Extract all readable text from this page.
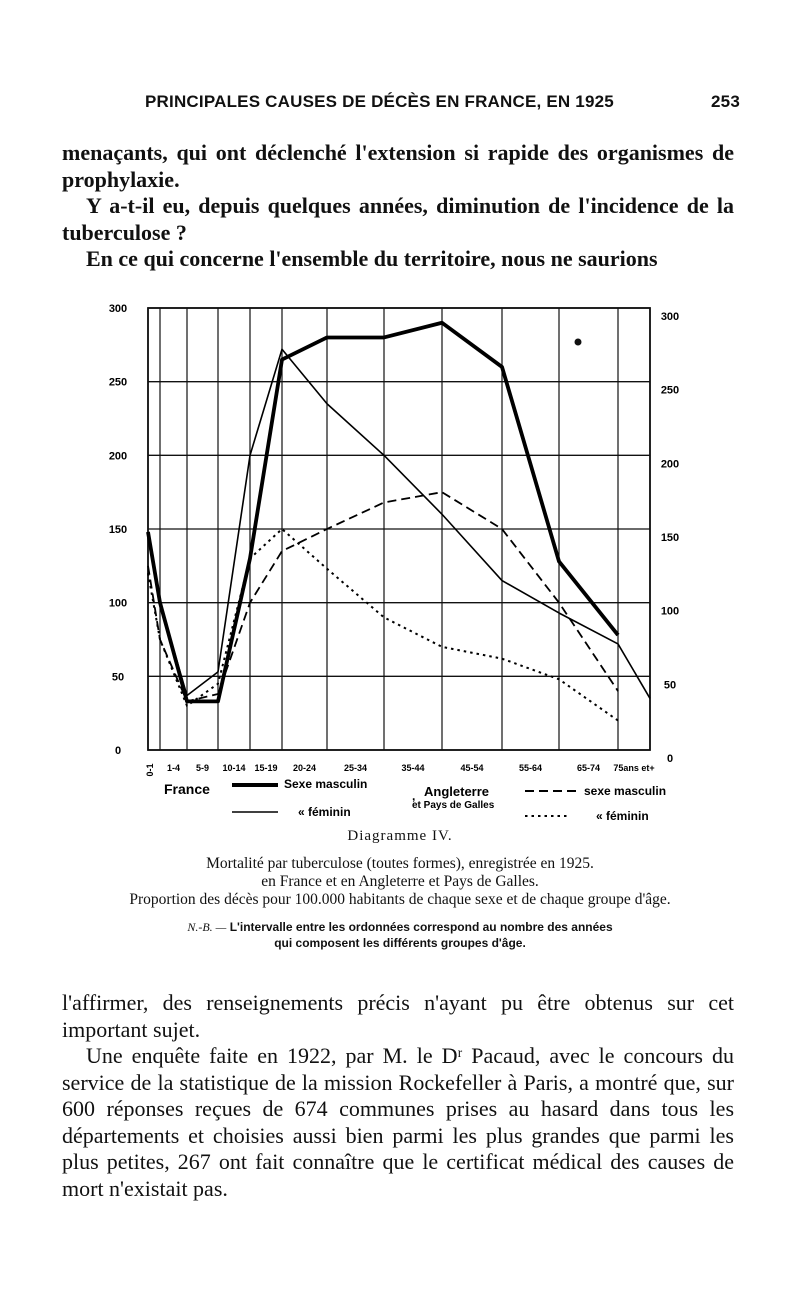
PRINCIPALES CAUSES DE DÉCÈS EN FRANCE, EN 1925	253

menaçants, qui ont déclenché l'extension si rapide des organismes de prophylaxie.

Y a-t-il eu, depuis quelques années, diminution de l'incidence de la tuberculose ?

En ce qui concerne l'ensemble du territoire, nous ne saurions

0
0
50
50
100
100
150
150
200
200
250
250
300
300
0-1 1-4 5-9 10-14 15-19 20-24	25-34	35-44	45-54	55-64	65-74 75ans et+
France	Sexe masculin
« féminin
, Angleterre
et Pays de Galles
sexe masculin
« féminin
Diagramme IV.
Mortalité par tuberculose (toutes formes), enregistrée en 1925.
en France et en Angleterre et Pays de Galles.
Proportion des décès pour 100.000 habitants de chaque sexe et de chaque groupe d'âge.
N.-B. — L'intervalle entre les ordonnées correspond au nombre des années
qui composent les différents groupes d'âge.

l'affirmer, des renseignements précis n'ayant pu être obtenus sur cet important sujet.

Une enquête faite en 1922, par M. le Dʳ Pacaud, avec le concours du service de la statistique de la mission Rockefeller à Paris, a montré que, sur 600 réponses reçues de 674 communes prises au hasard dans tous les départements et choisies aussi bien parmi les plus grandes que parmi les plus petites, 267 ont fait connaître que le certificat médical des causes de mort n'existait pas.
